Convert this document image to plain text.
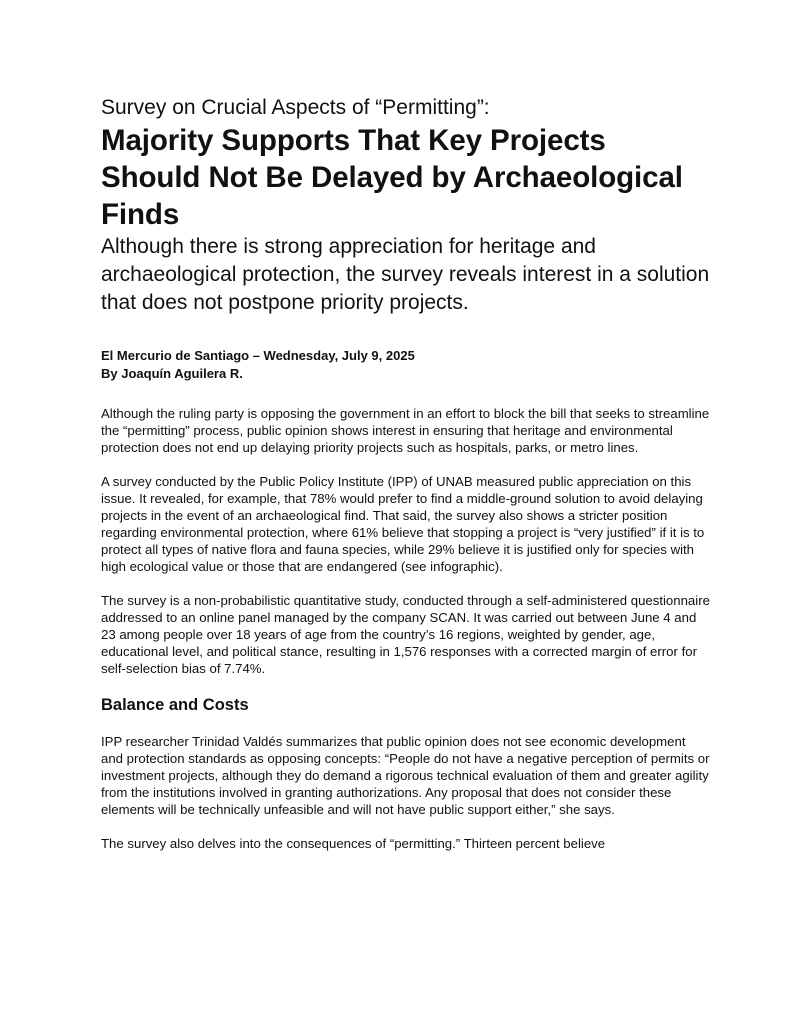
Survey on Crucial Aspects of “Permitting”:
Majority Supports That Key Projects Should Not Be Delayed by Archaeological Finds

Although there is strong appreciation for heritage and archaeological protection, the survey reveals interest in a solution that does not postpone priority projects.

El Mercurio de Santiago – Wednesday, July 9, 2025
By Joaquín Aguilera R.

Although the ruling party is opposing the government in an effort to block the bill that seeks to streamline the “permitting” process, public opinion shows interest in ensuring that heritage and environmental protection does not end up delaying priority projects such as hospitals, parks, or metro lines.

A survey conducted by the Public Policy Institute (IPP) of UNAB measured public appreciation on this issue. It revealed, for example, that 78% would prefer to find a middle-ground solution to avoid delaying projects in the event of an archaeological find. That said, the survey also shows a stricter position regarding environmental protection, where 61% believe that stopping a project is “very justified” if it is to protect all types of native flora and fauna species, while 29% believe it is justified only for species with high ecological value or those that are endangered (see infographic).

The survey is a non-probabilistic quantitative study, conducted through a self-administered questionnaire addressed to an online panel managed by the company SCAN. It was carried out between June 4 and 23 among people over 18 years of age from the country’s 16 regions, weighted by gender, age, educational level, and political stance, resulting in 1,576 responses with a corrected margin of error for self-selection bias of 7.74%.

Balance and Costs

IPP researcher Trinidad Valdés summarizes that public opinion does not see economic development and protection standards as opposing concepts: “People do not have a negative perception of permits or investment projects, although they do demand a rigorous technical evaluation of them and greater agility from the institutions involved in granting authorizations. Any proposal that does not consider these elements will be technically unfeasible and will not have public support either,” she says.

The survey also delves into the consequences of “permitting.” Thirteen percent believe
